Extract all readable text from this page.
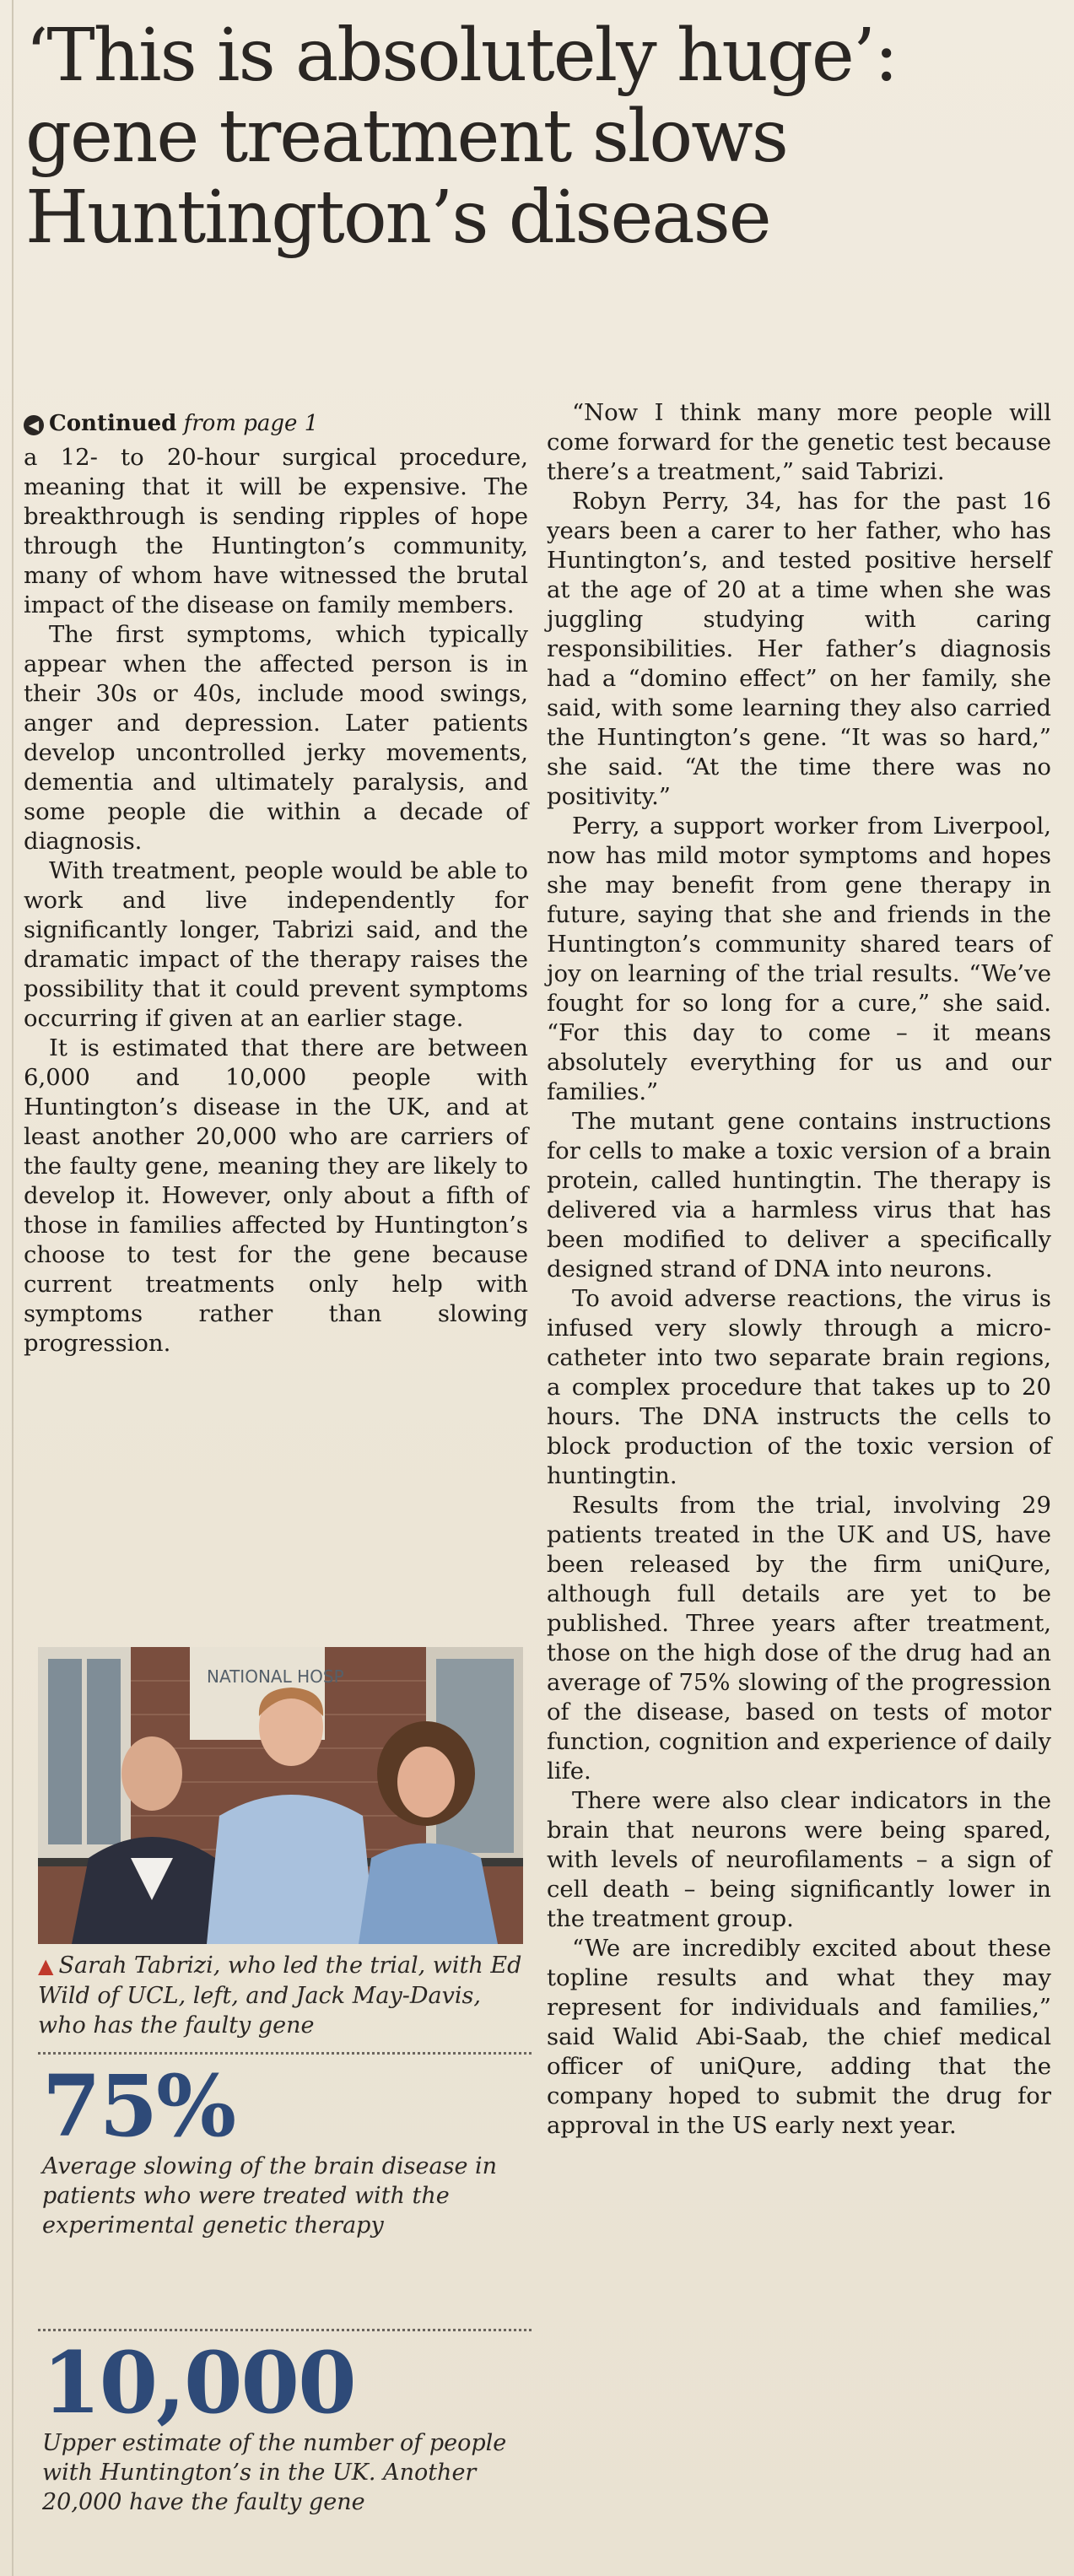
‘This is absolutely huge’:
gene treatment slows
Huntington’s disease
◀ Continued from page 1

a 12- to 20-hour surgical procedure, meaning that it will be expensive. The breakthrough is sending ripples of hope through the Huntington’s community, many of whom have witnessed the brutal impact of the disease on family members.

The first symptoms, which typically appear when the affected person is in their 30s or 40s, include mood swings, anger and depression. Later patients develop uncontrolled jerky movements, dementia and ultimately paralysis, and some people die within a decade of diagnosis.

With treatment, people would be able to work and live independently for significantly longer, Tabrizi said, and the dramatic impact of the therapy raises the possibility that it could prevent symptoms occurring if given at an earlier stage.

It is estimated that there are between 6,000 and 10,000 people with Huntington’s disease in the UK, and at least another 20,000 who are carriers of the faulty gene, meaning they are likely to develop it. However, only about a fifth of those in families affected by Huntington’s choose to test for the gene because current treatments only help with symptoms rather than slowing progression.

NATIONAL HOSP

▲ Sarah Tabrizi, who led the trial, with Ed Wild of UCL, left, and Jack May-Davis, who has the faulty gene

75%
Average slowing of the brain disease in patients who were treated with the experimental genetic therapy

10,000
Upper estimate of the number of people with Huntington’s in the UK. Another 20,000 have the faulty gene

“Now I think many more people will come forward for the genetic test because there’s a treatment,” said Tabrizi.

Robyn Perry, 34, has for the past 16 years been a carer to her father, who has Huntington’s, and tested positive herself at the age of 20 at a time when she was juggling studying with caring responsibilities. Her father’s diagnosis had a “domino effect” on her family, she said, with some learning they also carried the Huntington’s gene. “It was so hard,” she said. “At the time there was no positivity.”

Perry, a support worker from Liverpool, now has mild motor symptoms and hopes she may benefit from gene therapy in future, saying that she and friends in the Huntington’s community shared tears of joy on learning of the trial results. “We’ve fought for so long for a cure,” she said. “For this day to come – it means absolutely everything for us and our families.”

The mutant gene contains instructions for cells to make a toxic version of a brain protein, called huntingtin. The therapy is delivered via a harmless virus that has been modified to deliver a specifically designed strand of DNA into neurons.

To avoid adverse reactions, the virus is infused very slowly through a micro-catheter into two separate brain regions, a complex procedure that takes up to 20 hours. The DNA instructs the cells to block production of the toxic version of huntingtin.

Results from the trial, involving 29 patients treated in the UK and US, have been released by the firm uniQure, although full details are yet to be published. Three years after treatment, those on the high dose of the drug had an average of 75% slowing of the progression of the disease, based on tests of motor function, cognition and experience of daily life.

There were also clear indicators in the brain that neurons were being spared, with levels of neurofilaments – a sign of cell death – being significantly lower in the treatment group.

“We are incredibly excited about these topline results and what they may represent for individuals and families,” said Walid Abi-Saab, the chief medical officer of uniQure, adding that the company hoped to submit the drug for approval in the US early next year.
